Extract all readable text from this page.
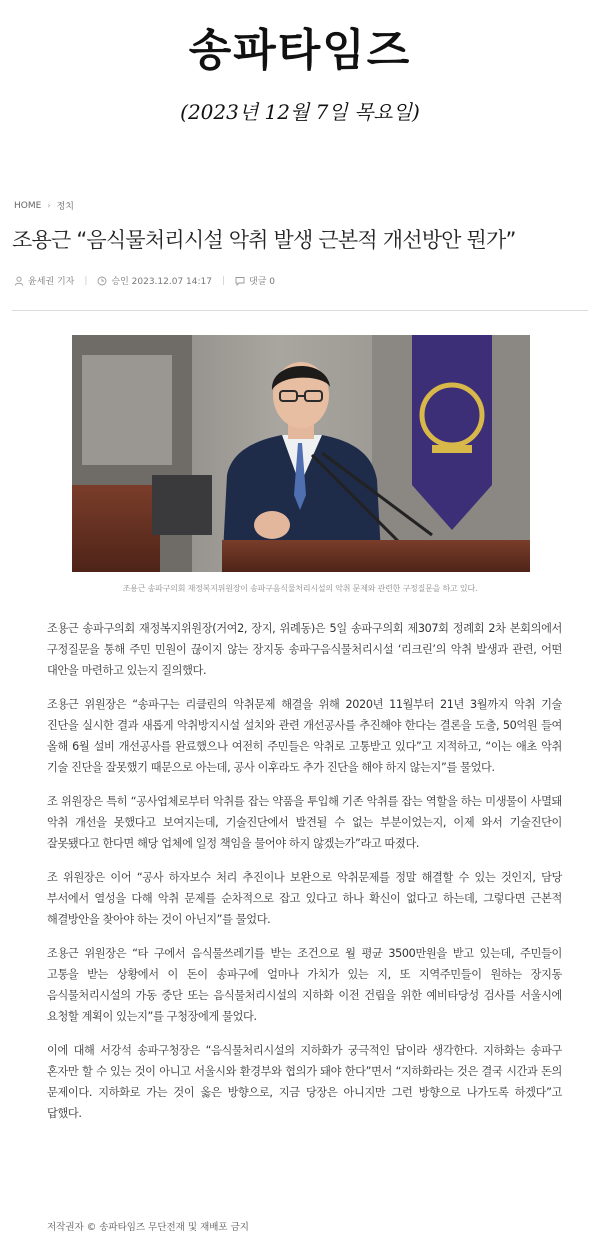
송파타임즈
(2023년 12월 7일 목요일)
HOME › 정치
조용근 “음식물처리시설 악취 발생 근본적 개선방안 뭔가”
윤세권 기자 |	승인 2023.12.07 14:17 |	댓글 0
조용근 송파구의회 재정복지위원장이 송파구음식물처리시설의 악취 문제와 관련한 구정질문을 하고 있다.

조용근 송파구의회 재정복지위원장(거여2, 장지, 위례동)은 5일 송파구의회 제307회 정례회 2차 본회의에서 구정질문을 통해 주민 민원이 끊이지 않는 장지동 송파구음식물처리시설 ‘리크린’의 악취 발생과 관련, 어떤 대안을 마련하고 있는지 질의했다.

조용근 위원장은 “송파구는 리클린의 악취문제 해결을 위해 2020년 11월부터 21년 3월까지 악취 기술 진단을 실시한 결과 새롭게 악취방지시설 설치와 관련 개선공사를 추진해야 한다는 결론을 도출, 50억원 들여 올해 6월 설비 개선공사를 완료했으나 여전히 주민들은 악취로 고통받고 있다”고 지적하고, “이는 애초 악취 기술 진단을 잘못했기 때문으로 아는데, 공사 이후라도 추가 진단을 해야 하지 않는지”를 물었다.

조 위원장은 특히 “공사업체로부터 악취를 잡는 약품을 투입해 기존 악취를 잡는 역할을 하는 미생물이 사멸돼 악취 개선을 못했다고 보여지는데, 기술진단에서 발견될 수 없는 부분이었는지, 이제 와서 기술진단이 잘못됐다고 한다면 해당 업체에 일정 책임을 물어야 하지 않겠는가”라고 따졌다.

조 위원장은 이어 “공사 하자보수 처리 추진이나 보완으로 악취문제를 정말 해결할 수 있는 것인지, 담당 부서에서 열성을 다해 악취 문제를 순차적으로 잡고 있다고 하나 확신이 없다고 하는데, 그렇다면 근본적 해결방안을 찾아야 하는 것이 아닌지”를 물었다.

조용근 위원장은 “타 구에서 음식물쓰레기를 받는 조건으로 월 평균 3500만원을 받고 있는데, 주민들이 고통을 받는 상황에서 이 돈이 송파구에 얼마나 가치가 있는 지, 또 지역주민들이 원하는 장지동 음식물처리시설의 가동 중단 또는 음식물처리시설의 지하화 이전 건립을 위한 예비타당성 검사를 서울시에 요청할 계획이 있는지”를 구청장에게 물었다.

이에 대해 서강석 송파구청장은 “음식물처리시설의 지하화가 궁극적인 답이라 생각한다. 지하화는 송파구 혼자만 할 수 있는 것이 아니고 서울시와 환경부와 협의가 돼야 한다”면서 “지하화라는 것은 결국 시간과 돈의 문제이다. 지하화로 가는 것이 옳은 방향으로, 지금 당장은 아니지만 그런 방향으로 나가도록 하겠다”고 답했다.

저작권자 © 송파타임즈 무단전재 및 재배포 금지
